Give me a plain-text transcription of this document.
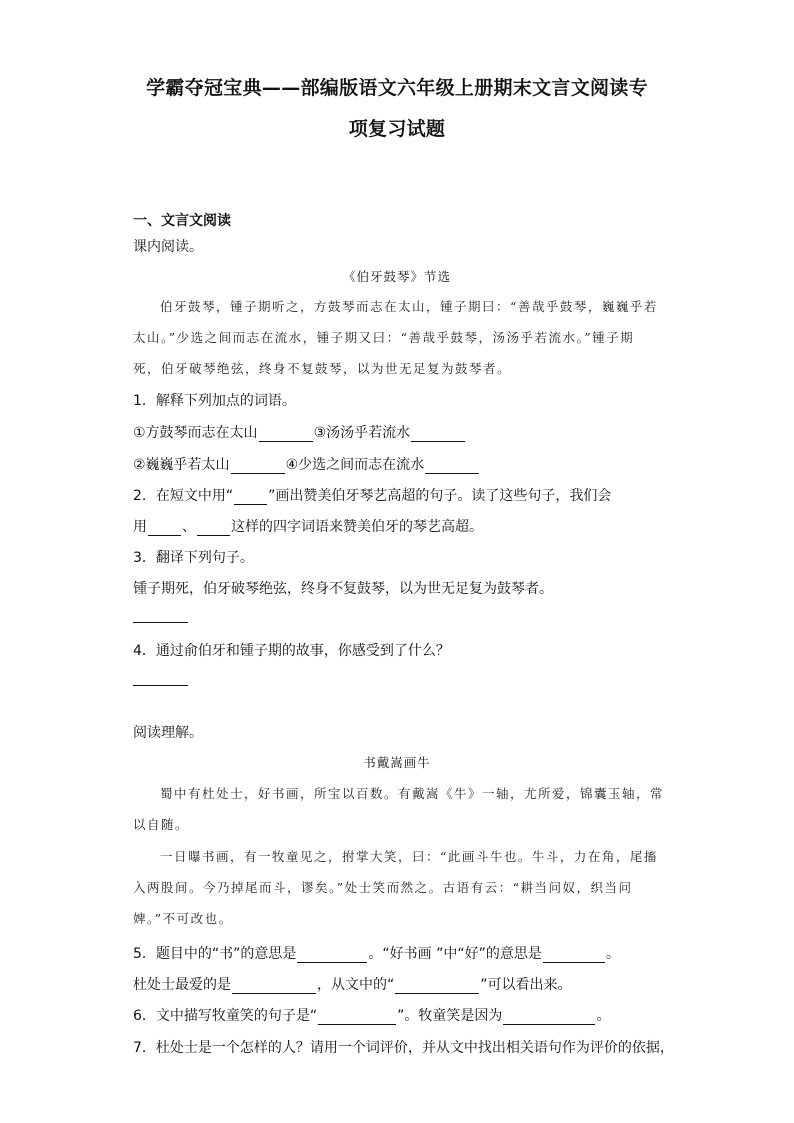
学霸夺冠宝典——部编版语文六年级上册期末文言文阅读专
项复习试题
一、文言文阅读
课内阅读。
《伯牙鼓琴》节选
伯牙鼓琴，锺子期听之，方鼓琴而志在太山，锺子期曰：“善哉乎鼓琴，巍巍乎若
太山。”少选之间而志在流水，锺子期又曰：“善哉乎鼓琴，汤汤乎若流水。”锺子期
死，伯牙破琴绝弦，终身不复鼓琴，以为世无足复为鼓琴者。
1．解释下列加点的词语。
①方鼓琴而志在太山	③汤汤乎若流水
②巍巍乎若太山	④少选之间而志在流水
2．在短文中用“	”画出赞美伯牙琴艺高超的句子。读了这些句子，我们会
用	、	这样的四字词语来赞美伯牙的琴艺高超。
3．翻译下列句子。
锺子期死，伯牙破琴绝弦，终身不复鼓琴，以为世无足复为鼓琴者。
4．通过俞伯牙和锺子期的故事，你感受到了什么？
阅读理解。
书戴嵩画牛
蜀中有杜处士，好书画，所宝以百数。有戴嵩《牛》一轴，尤所爱，锦囊玉轴，常
以自随。
一日曝书画，有一牧童见之，拊掌大笑，曰：“此画斗牛也。牛斗，力在角，尾搐
入两股间。今乃掉尾而斗，谬矣。”处士笑而然之。古语有云：“耕当问奴，织当问
婢。”不可改也。
5．题目中的“书”的意思是	。“好书画 ”中“好”的意思是	。
杜处士最爱的是	，从文中的“	”可以看出来。
6．文中描写牧童笑的句子是“	”。牧童笑是因为	。
7．杜处士是一个怎样的人？请用一个词评价，并从文中找出相关语句作为评价的依据，
